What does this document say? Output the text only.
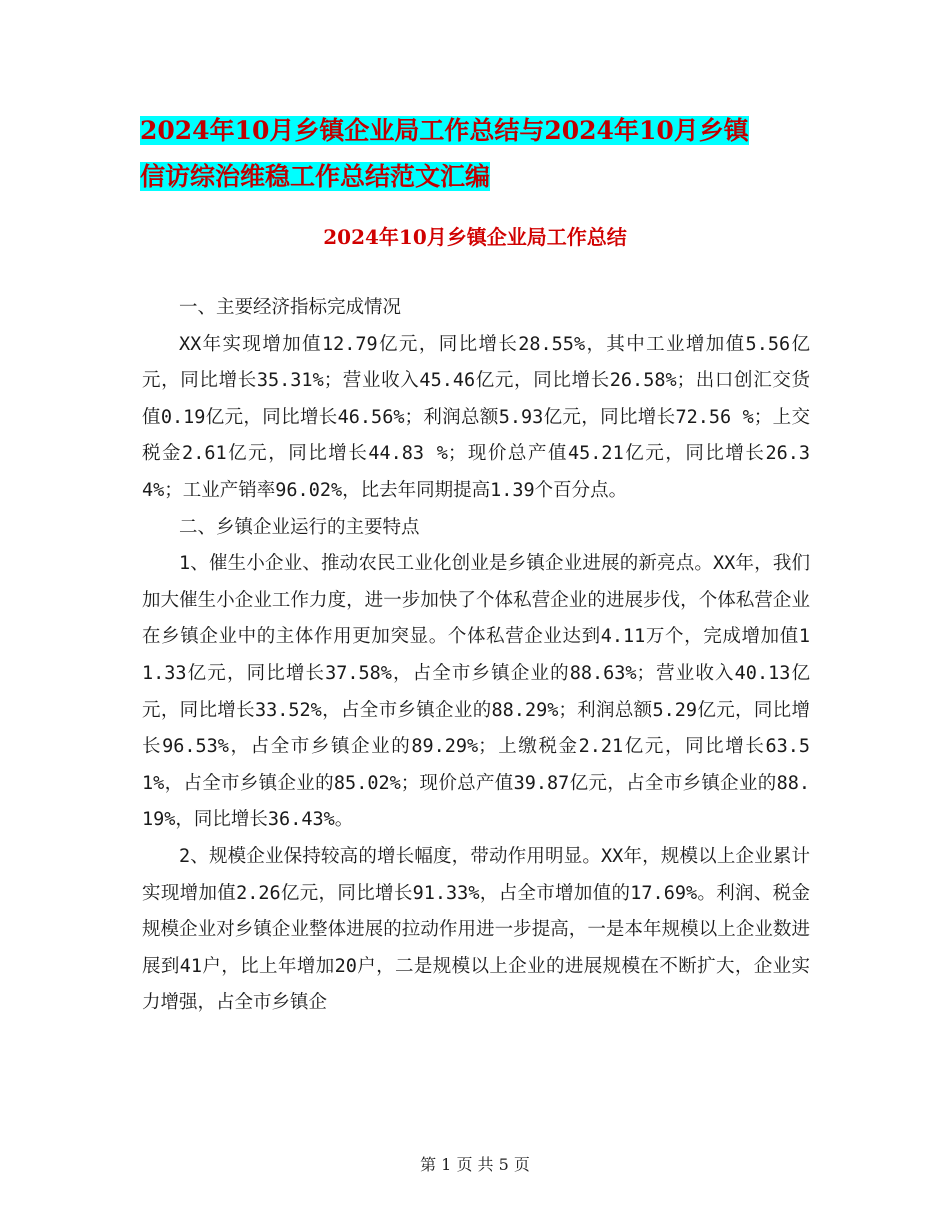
2024年10月乡镇企业局工作总结与2024年10月乡镇
信访综治维稳工作总结范文汇编
2024年10月乡镇企业局工作总结

一、主要经济指标完成情况

XX年实现增加值12.79亿元，同比增长28.55%，其中工业增加值5.56亿元，同比增长35.31%；营业收入45.46亿元，同比增长26.58%；出口创汇交货值0.19亿元，同比增长46.56%；利润总额5.93亿元，同比增长72.56 %；上交税金2.61亿元，同比增长44.83 %；现价总产值45.21亿元，同比增长26.34%；工业产销率96.02%，比去年同期提高1.39个百分点。

二、乡镇企业运行的主要特点

1、催生小企业、推动农民工业化创业是乡镇企业进展的新亮点。XX年，我们加大催生小企业工作力度，进一步加快了个体私营企业的进展步伐，个体私营企业在乡镇企业中的主体作用更加突显。个体私营企业达到4.11万个，完成增加值11.33亿元，同比增长37.58%，占全市乡镇企业的88.63%；营业收入40.13亿元，同比增长33.52%，占全市乡镇企业的88.29%；利润总额5.29亿元，同比增长96.53%，占全市乡镇企业的89.29%；上缴税金2.21亿元，同比增长63.51%，占全市乡镇企业的85.02%；现价总产值39.87亿元，占全市乡镇企业的88.19%，同比增长36.43%。

2、规模企业保持较高的增长幅度，带动作用明显。XX年，规模以上企业累计实现增加值2.26亿元，同比增长91.33%，占全市增加值的17.69%。利润、税金规模企业对乡镇企业整体进展的拉动作用进一步提高，一是本年规模以上企业数进展到41户，比上年增加20户，二是规模以上企业的进展规模在不断扩大，企业实力增强，占全市乡镇企

第 1 页 共 5 页
